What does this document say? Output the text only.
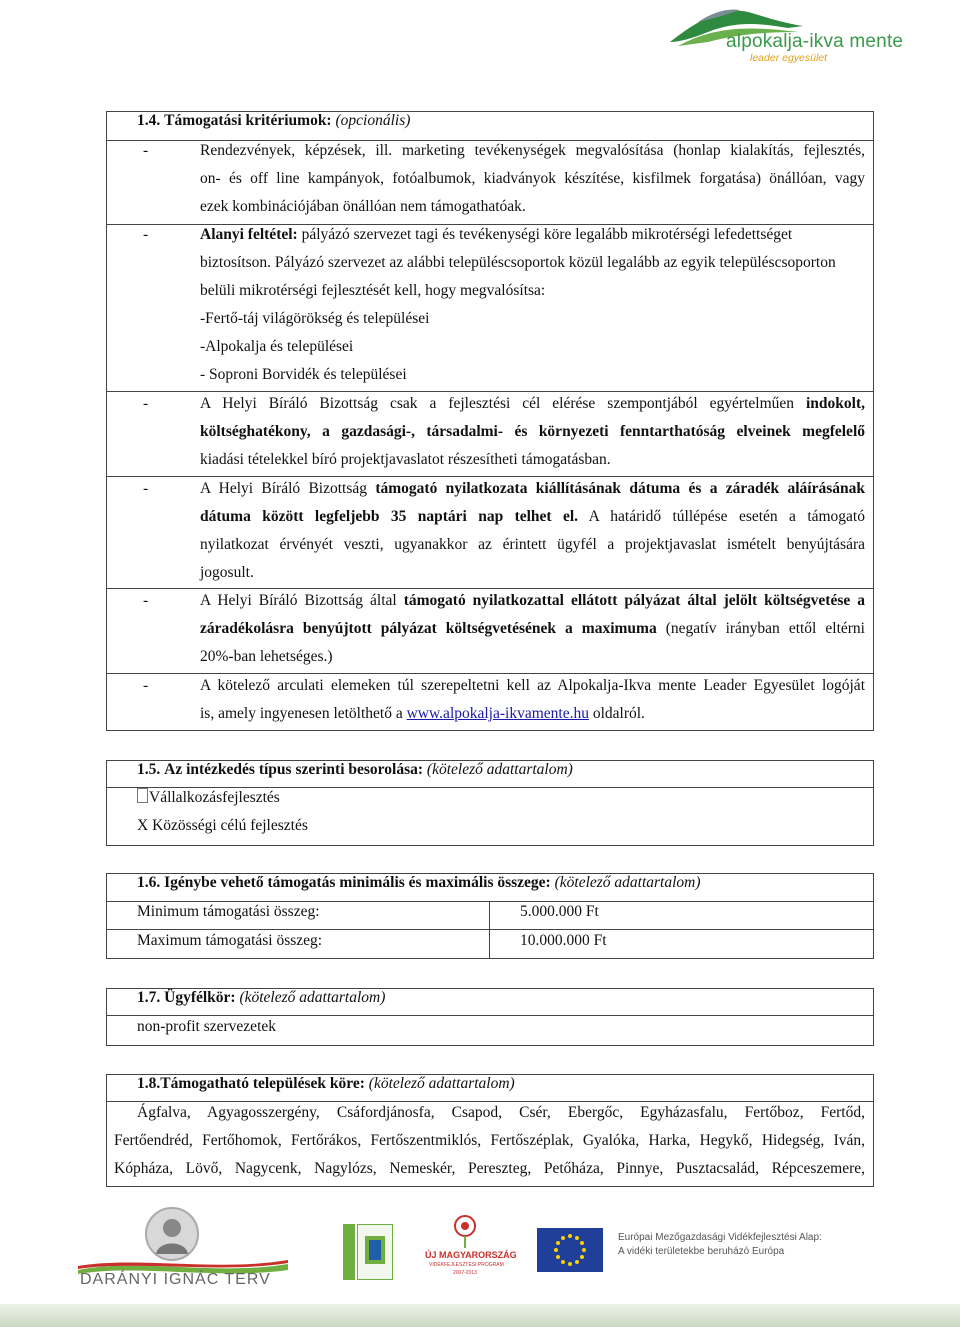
alpokalja-ikva mente
leader egyesület
1.4. Támogatási kritériumok: (opcionális)
-	Rendezvények, képzések, ill. marketing tevékenységek megvalósítása (honlap kialakítás, fejlesztés,
on- és off line kampányok, fotóalbumok, kiadványok készítése, kisfilmek forgatása) önállóan, vagy
ezek kombinációjában önállóan nem támogathatóak.
-	Alanyi feltétel: pályázó szervezet tagi és tevékenységi köre legalább mikrotérségi lefedettséget
biztosítson. Pályázó szervezet az alábbi településcsoportok közül legalább az egyik településcsoporton
belüli mikrotérségi fejlesztését kell, hogy megvalósítsa:
-Fertő-táj világörökség és települései
-Alpokalja és települései
- Soproni Borvidék és települései
-	A Helyi Bíráló Bizottság csak a fejlesztési cél elérése szempontjából egyértelműen indokolt,
költséghatékony, a gazdasági-, társadalmi- és környezeti fenntarthatóság elveinek megfelelő
kiadási tételekkel bíró projektjavaslatot részesítheti támogatásban.
-	A Helyi Bíráló Bizottság támogató nyilatkozata kiállításának dátuma és a záradék aláírásának
dátuma között legfeljebb 35 naptári nap telhet el. A határidő túllépése esetén a támogató
nyilatkozat érvényét veszti, ugyanakkor az érintett ügyfél a projektjavaslat ismételt benyújtására
jogosult.
-	A Helyi Bíráló Bizottság által támogató nyilatkozattal ellátott pályázat által jelölt költségvetése a
záradékolásra benyújtott pályázat költségvetésének a maximuma (negatív irányban ettől eltérni
20%-ban lehetséges.)
-	A kötelező arculati elemeken túl szerepeltetni kell az Alpokalja-Ikva mente Leader Egyesület logóját
is, amely ingyenesen letölthető a www.alpokalja-ikvamente.hu oldalról.
1.5. Az intézkedés típus szerinti besorolása: (kötelező adattartalom)
Vállalkozásfejlesztés
X Közösségi célú fejlesztés
1.6. Igénybe vehető támogatás minimális és maximális összege: (kötelező adattartalom)
Minimum támogatási összeg:	5.000.000 Ft
Maximum támogatási összeg:	10.000.000 Ft
1.7. Ügyfélkör: (kötelező adattartalom)
non-profit szervezetek
1.8.Támogatható települések köre: (kötelező adattartalom)
Ágfalva, Agyagosszergény, Csáfordjánosfa, Csapod, Csér, Ebergőc, Egyházasfalu, Fertőboz, Fertőd,
Fertőendréd, Fertőhomok, Fertőrákos, Fertőszentmiklós, Fertőszéplak, Gyalóka, Harka, Hegykő, Hidegség, Iván,
Kópháza, Lövő, Nagycenk, Nagylózs, Nemeskér, Pereszteg, Petőháza, Pinnye, Pusztacsalád, Répceszemere,
DARÁNYI IGNÁC TERV
LEADER	ÚJ MAGYARORSZÁG
VIDÉKFEJLESZTÉSI PROGRAM
2007-2013
Európai Mezőgazdasági Vidékfejlesztési Alap:
A vidéki területekbe beruházó Európa
